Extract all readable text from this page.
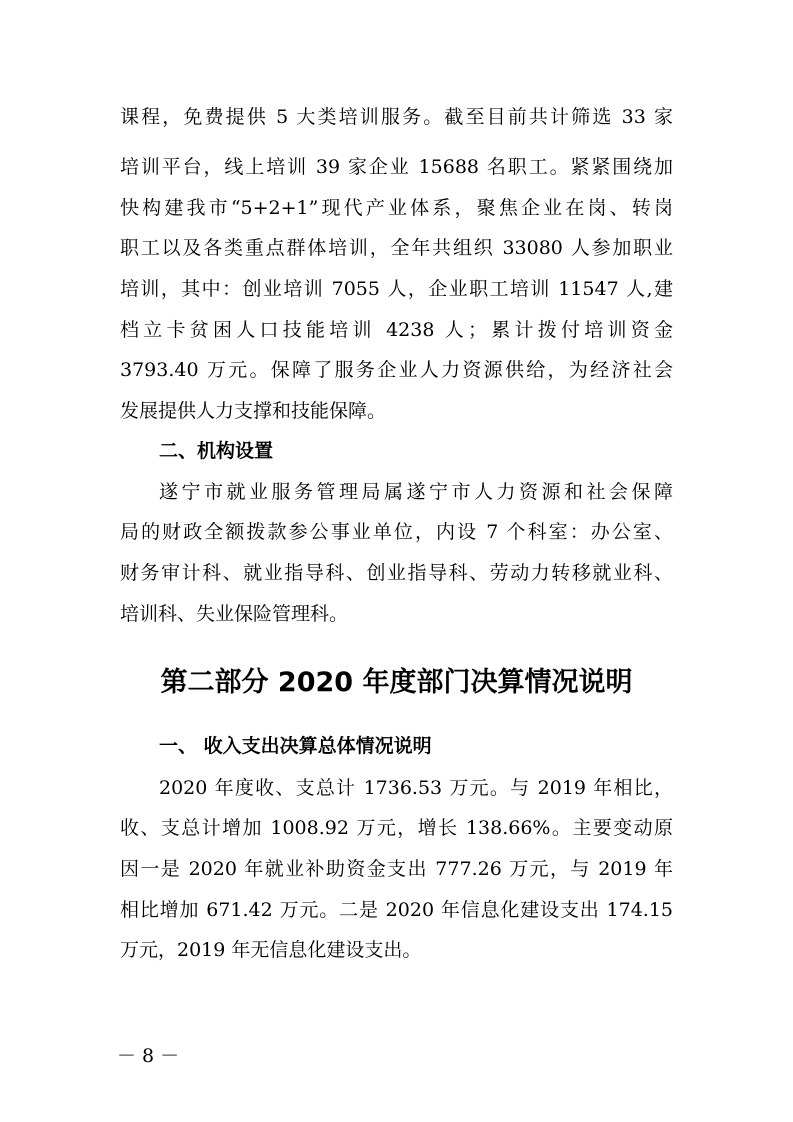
课程，免费提供 5 大类培训服务。截至目前共计筛选 33 家
培训平台，线上培训 39 家企业 15688 名职工。紧紧围绕加
快构建我市“5+2+1”现代产业体系，聚焦企业在岗、转岗
职工以及各类重点群体培训，全年共组织 33080 人参加职业
培训，其中：创业培训 7055 人，企业职工培训 11547 人,建
档立卡贫困人口技能培训 4238 人；累计拨付培训资金
3793.40 万元。保障了服务企业人力资源供给，为经济社会
发展提供人力支撑和技能保障。
二、机构设置
遂宁市就业服务管理局属遂宁市人力资源和社会保障
局的财政全额拨款参公事业单位，内设 7 个科室：办公室、
财务审计科、就业指导科、创业指导科、劳动力转移就业科、
培训科、失业保险管理科。
第二部分 2020 年度部门决算情况说明
一、 收入支出决算总体情况说明
2020 年度收、支总计 1736.53 万元。与 2019 年相比，
收、支总计增加 1008.92 万元，增长 138.66%。主要变动原
因一是 2020 年就业补助资金支出 777.26 万元，与 2019 年
相比增加 671.42 万元。二是 2020 年信息化建设支出 174.15
万元，2019 年无信息化建设支出。
－ 8 －
